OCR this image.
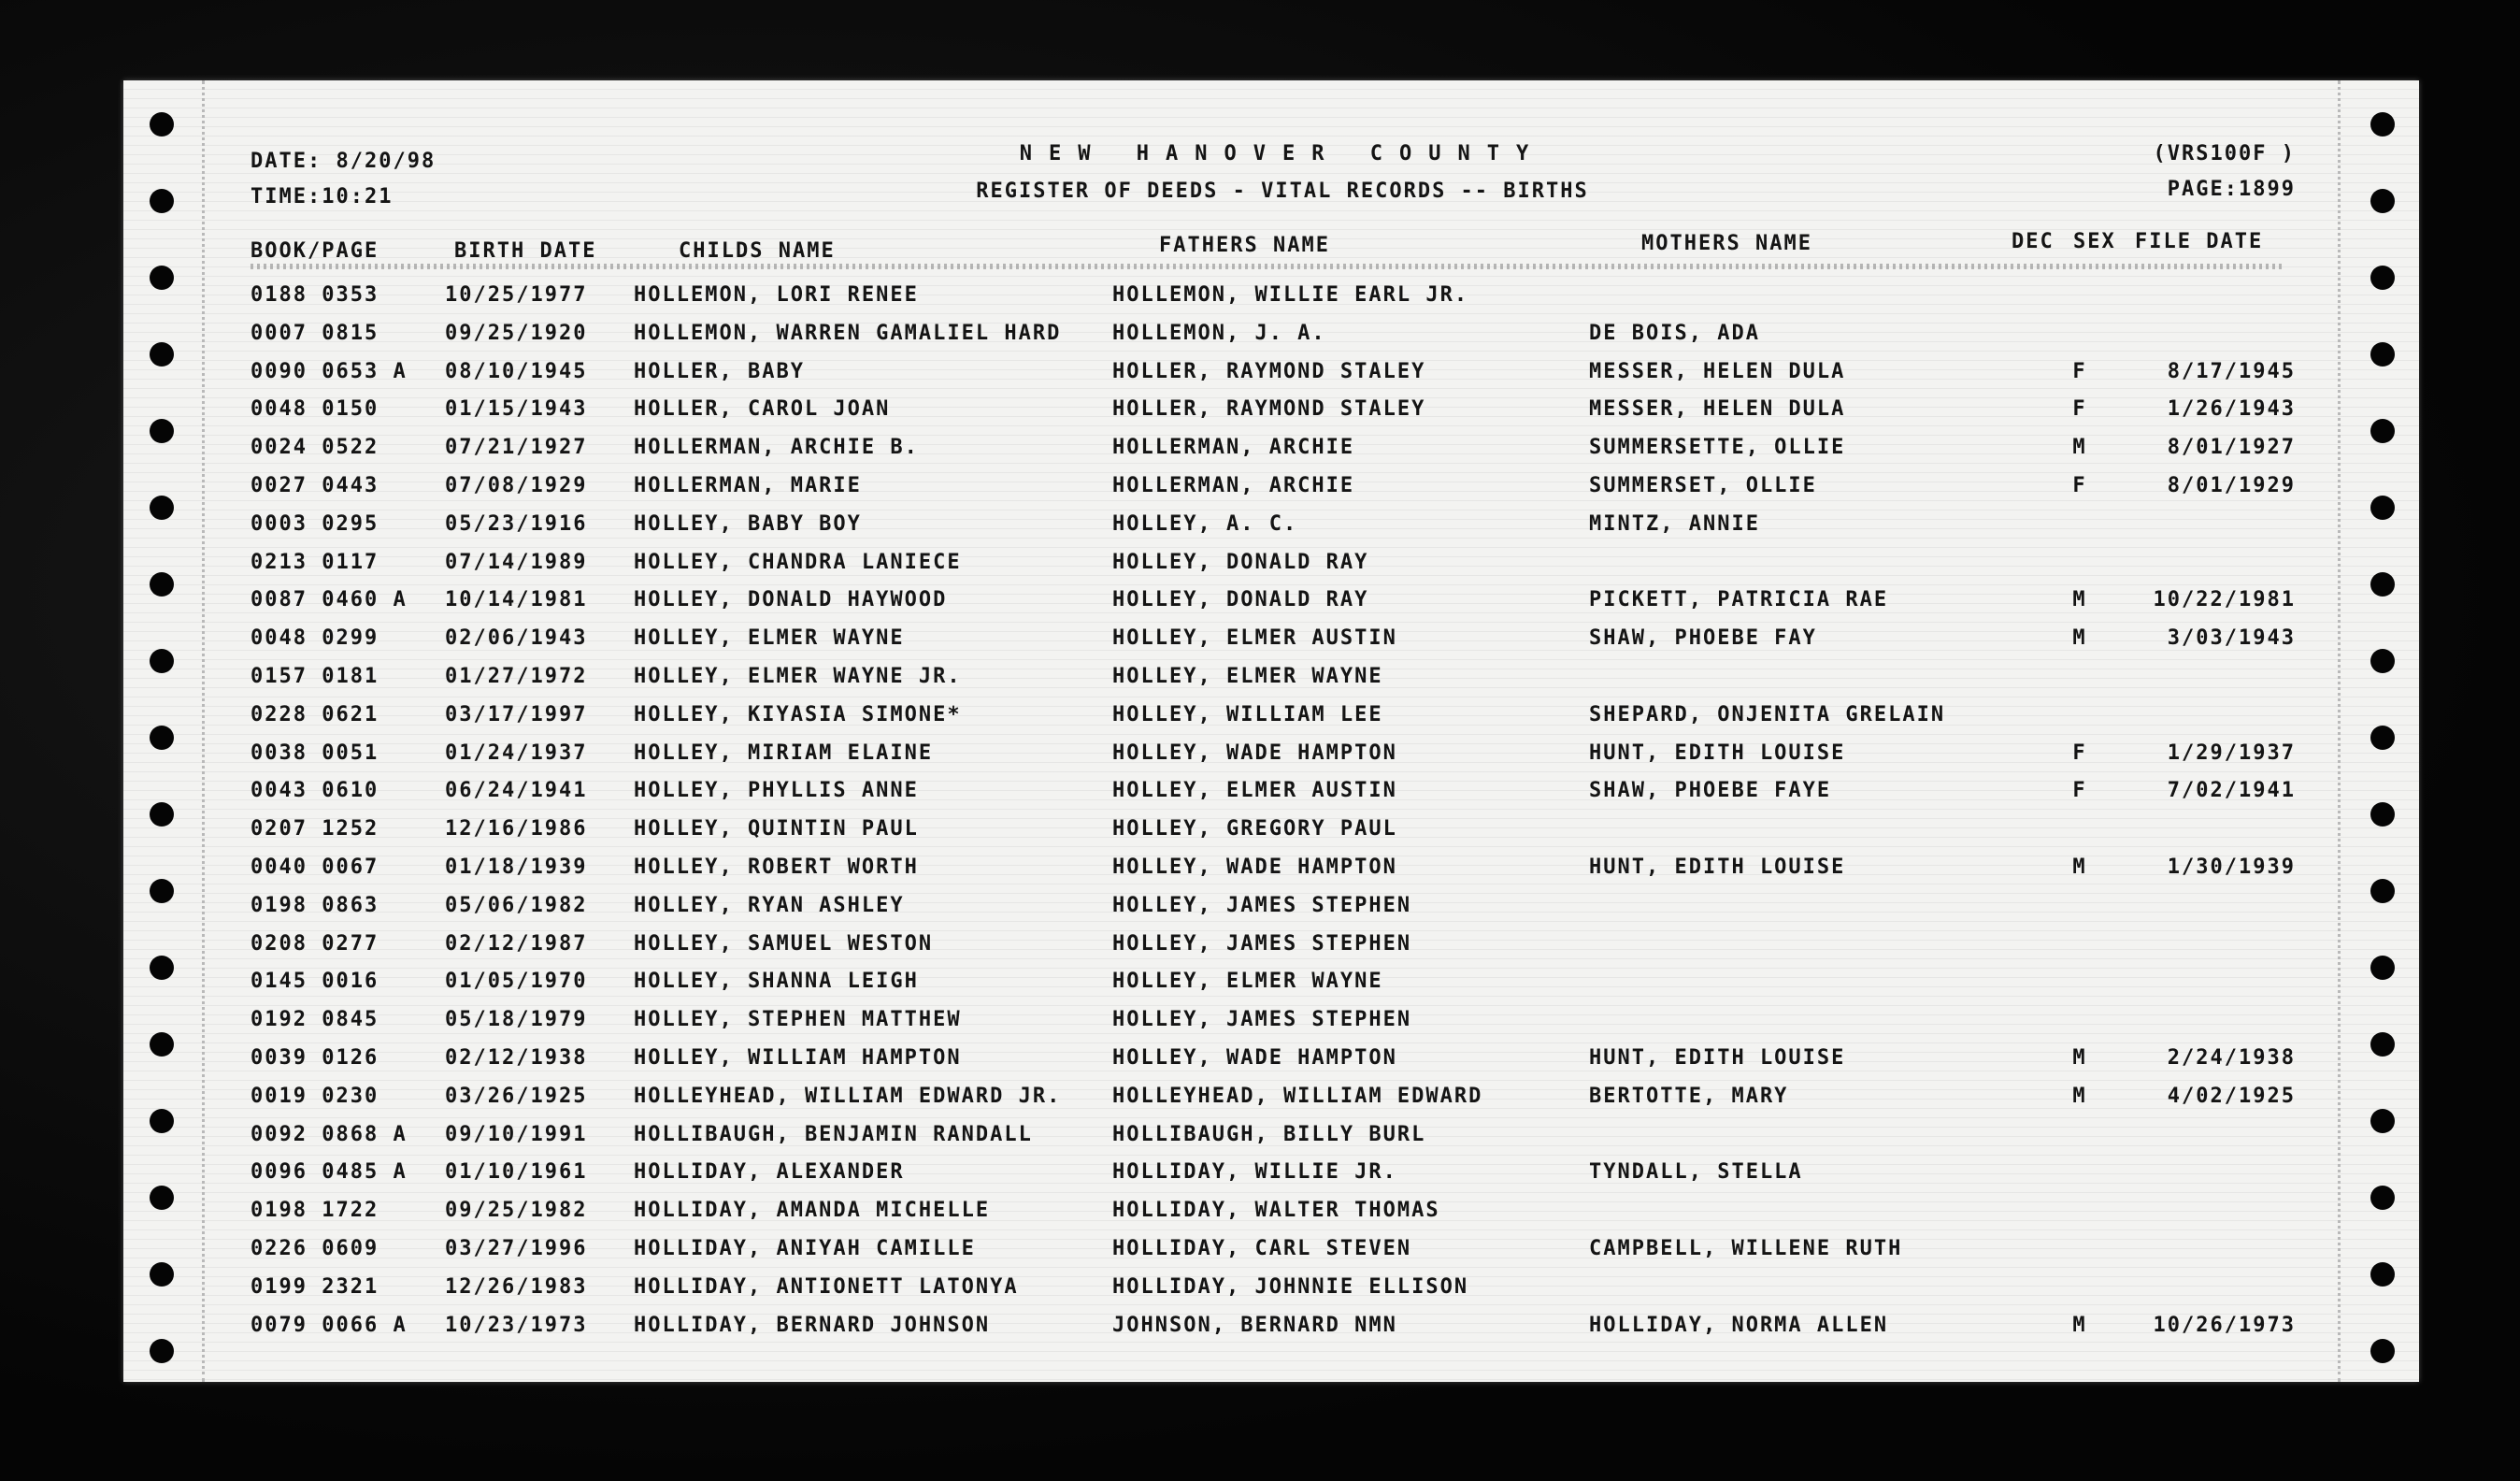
DATE: 8/20/98
TIME:10:21
NEW HANOVER COUNTY
REGISTER OF DEEDS - VITAL RECORDS -- BIRTHS
(VRS100F )
PAGE:1899
BOOK/PAGE	BIRTH DATE	CHILDS NAME	FATHERS NAME	MOTHERS NAME	DEC SEX FILE DATE
0188 0353	10/25/1977	HOLLEMON, LORI RENEE	HOLLEMON, WILLIE EARL JR.
0007 0815	09/25/1920	HOLLEMON, WARREN GAMALIEL HARD	HOLLEMON, J. A.	DE BOIS, ADA
0090 0653 A	08/10/1945	HOLLER, BABY	HOLLER, RAYMOND STALEY	MESSER, HELEN DULA	F	8/17/1945
0048 0150	01/15/1943	HOLLER, CAROL JOAN	HOLLER, RAYMOND STALEY	MESSER, HELEN DULA	F	1/26/1943
0024 0522	07/21/1927	HOLLERMAN, ARCHIE B.	HOLLERMAN, ARCHIE	SUMMERSETTE, OLLIE	M	8/01/1927
0027 0443	07/08/1929	HOLLERMAN, MARIE	HOLLERMAN, ARCHIE	SUMMERSET, OLLIE	F	8/01/1929
0003 0295	05/23/1916	HOLLEY, BABY BOY	HOLLEY, A. C.	MINTZ, ANNIE
0213 0117	07/14/1989	HOLLEY, CHANDRA LANIECE	HOLLEY, DONALD RAY
0087 0460 A	10/14/1981	HOLLEY, DONALD HAYWOOD	HOLLEY, DONALD RAY	PICKETT, PATRICIA RAE	M	10/22/1981
0048 0299	02/06/1943	HOLLEY, ELMER WAYNE	HOLLEY, ELMER AUSTIN	SHAW, PHOEBE FAY	M	3/03/1943
0157 0181	01/27/1972	HOLLEY, ELMER WAYNE JR.	HOLLEY, ELMER WAYNE
0228 0621	03/17/1997	HOLLEY, KIYASIA SIMONE*	HOLLEY, WILLIAM LEE	SHEPARD, ONJENITA GRELAIN
0038 0051	01/24/1937	HOLLEY, MIRIAM ELAINE	HOLLEY, WADE HAMPTON	HUNT, EDITH LOUISE	F	1/29/1937
0043 0610	06/24/1941	HOLLEY, PHYLLIS ANNE	HOLLEY, ELMER AUSTIN	SHAW, PHOEBE FAYE	F	7/02/1941
0207 1252	12/16/1986	HOLLEY, QUINTIN PAUL	HOLLEY, GREGORY PAUL
0040 0067	01/18/1939	HOLLEY, ROBERT WORTH	HOLLEY, WADE HAMPTON	HUNT, EDITH LOUISE	M	1/30/1939
0198 0863	05/06/1982	HOLLEY, RYAN ASHLEY	HOLLEY, JAMES STEPHEN
0208 0277	02/12/1987	HOLLEY, SAMUEL WESTON	HOLLEY, JAMES STEPHEN
0145 0016	01/05/1970	HOLLEY, SHANNA LEIGH	HOLLEY, ELMER WAYNE
0192 0845	05/18/1979	HOLLEY, STEPHEN MATTHEW	HOLLEY, JAMES STEPHEN
0039 0126	02/12/1938	HOLLEY, WILLIAM HAMPTON	HOLLEY, WADE HAMPTON	HUNT, EDITH LOUISE	M	2/24/1938
0019 0230	03/26/1925	HOLLEYHEAD, WILLIAM EDWARD JR.	HOLLEYHEAD, WILLIAM EDWARD	BERTOTTE, MARY	M	4/02/1925
0092 0868 A	09/10/1991	HOLLIBAUGH, BENJAMIN RANDALL	HOLLIBAUGH, BILLY BURL
0096 0485 A	01/10/1961	HOLLIDAY, ALEXANDER	HOLLIDAY, WILLIE JR.	TYNDALL, STELLA
0198 1722	09/25/1982	HOLLIDAY, AMANDA MICHELLE	HOLLIDAY, WALTER THOMAS
0226 0609	03/27/1996	HOLLIDAY, ANIYAH CAMILLE	HOLLIDAY, CARL STEVEN	CAMPBELL, WILLENE RUTH
0199 2321	12/26/1983	HOLLIDAY, ANTIONETT LATONYA	HOLLIDAY, JOHNNIE ELLISON
0079 0066 A	10/23/1973	HOLLIDAY, BERNARD JOHNSON	JOHNSON, BERNARD NMN	HOLLIDAY, NORMA ALLEN	M	10/26/1973
